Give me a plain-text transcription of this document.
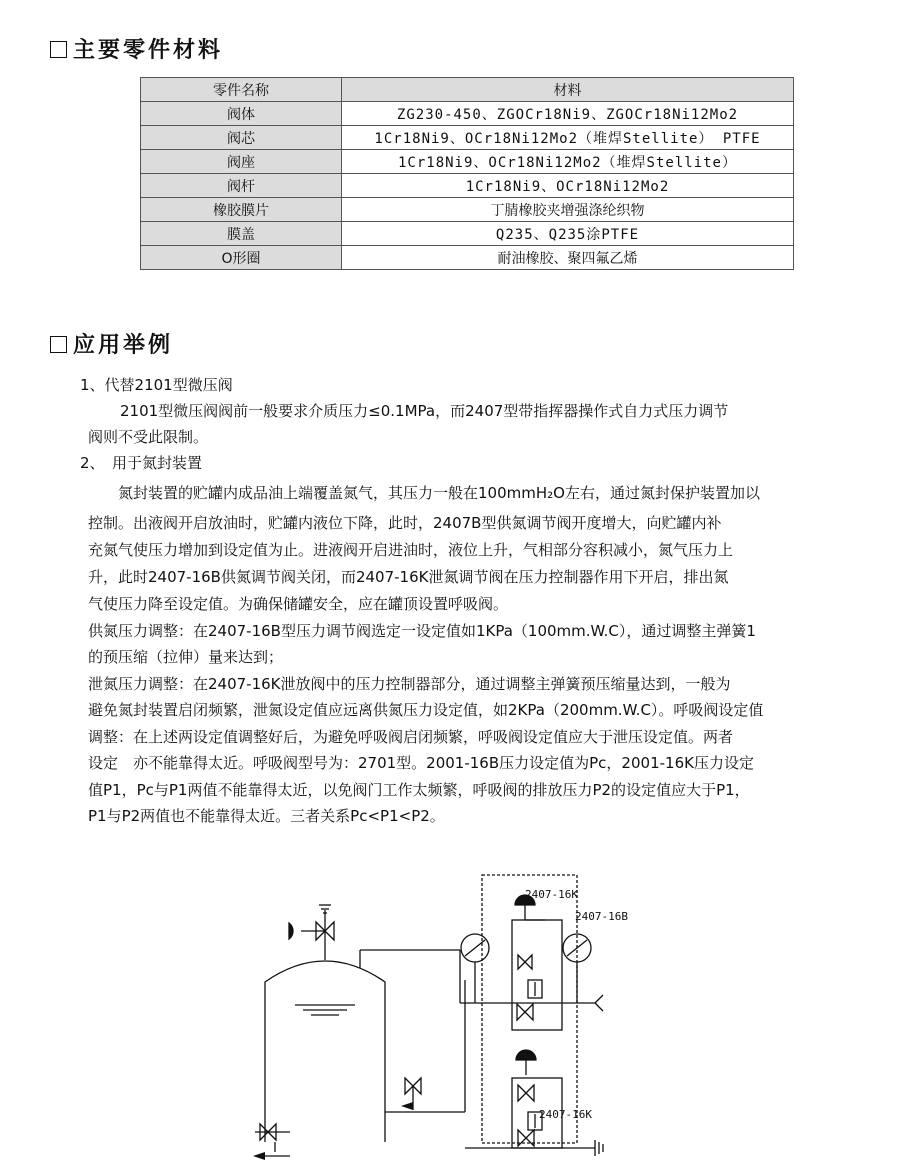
主要零件材料
零件名称	材料
阀体	ZG230-450、ZGOCr18Ni9、ZGOCr18Ni12Mo2
阀芯	1Cr18Ni9、OCr18Ni12Mo2（堆焊Stellite） PTFE
阀座	1Cr18Ni9、OCr18Ni12Mo2（堆焊Stellite）
阀杆	1Cr18Ni9、OCr18Ni12Mo2
橡胶膜片	丁腈橡胶夹增强涤纶织物
膜盖	Q235、Q235涂PTFE
O形圈	耐油橡胶、聚四氟乙烯
应用举例
1、代替2101型微压阀
2101型微压阀阀前一般要求介质压力≤0.1MPa，而2407型带指挥器操作式自力式压力调节
阀则不受此限制。
2、　用于氮封装置
氮封装置的贮罐内成品油上端覆盖氮气，其压力一般在100mmH₂O左右，通过氮封保护装置加以
控制。出液阀开启放油时，贮罐内液位下降，此时，2407B型供氮调节阀开度增大，向贮罐内补
充氮气使压力增加到设定值为止。进液阀开启进油时，液位上升，气相部分容积减小，氮气压力上
升，此时2407-16B供氮调节阀关闭，而2407-16K泄氮调节阀在压力控制器作用下开启，排出氮
气使压力降至设定值。为确保储罐安全，应在罐顶设置呼吸阀。
供氮压力调整：在2407-16B型压力调节阀选定一设定值如1KPa（100mm.W.C），通过调整主弹簧1
的预压缩（拉伸）量来达到；
泄氮压力调整：在2407-16K泄放阀中的压力控制器部分，通过调整主弹簧预压缩量达到，一般为
避免氮封装置启闭频繁，泄氮设定值应远离供氮压力设定值，如2KPa（200mm.W.C）。呼吸阀设定值
调整：在上述两设定值调整好后，为避免呼吸阀启闭频繁，呼吸阀设定值应大于泄压设定值。两者
设定　亦不能靠得太近。呼吸阀型号为：2701型。2001-16B压力设定值为Pc，2001-16K压力设定
值P1，Pc与P1两值不能靠得太近，以免阀门工作太频繁，呼吸阀的排放压力P2的设定值应大于P1，
P1与P2两值也不能靠得太近。三者关系Pc<P1<P2。
2407-16K
2407-16B
2407-16K
